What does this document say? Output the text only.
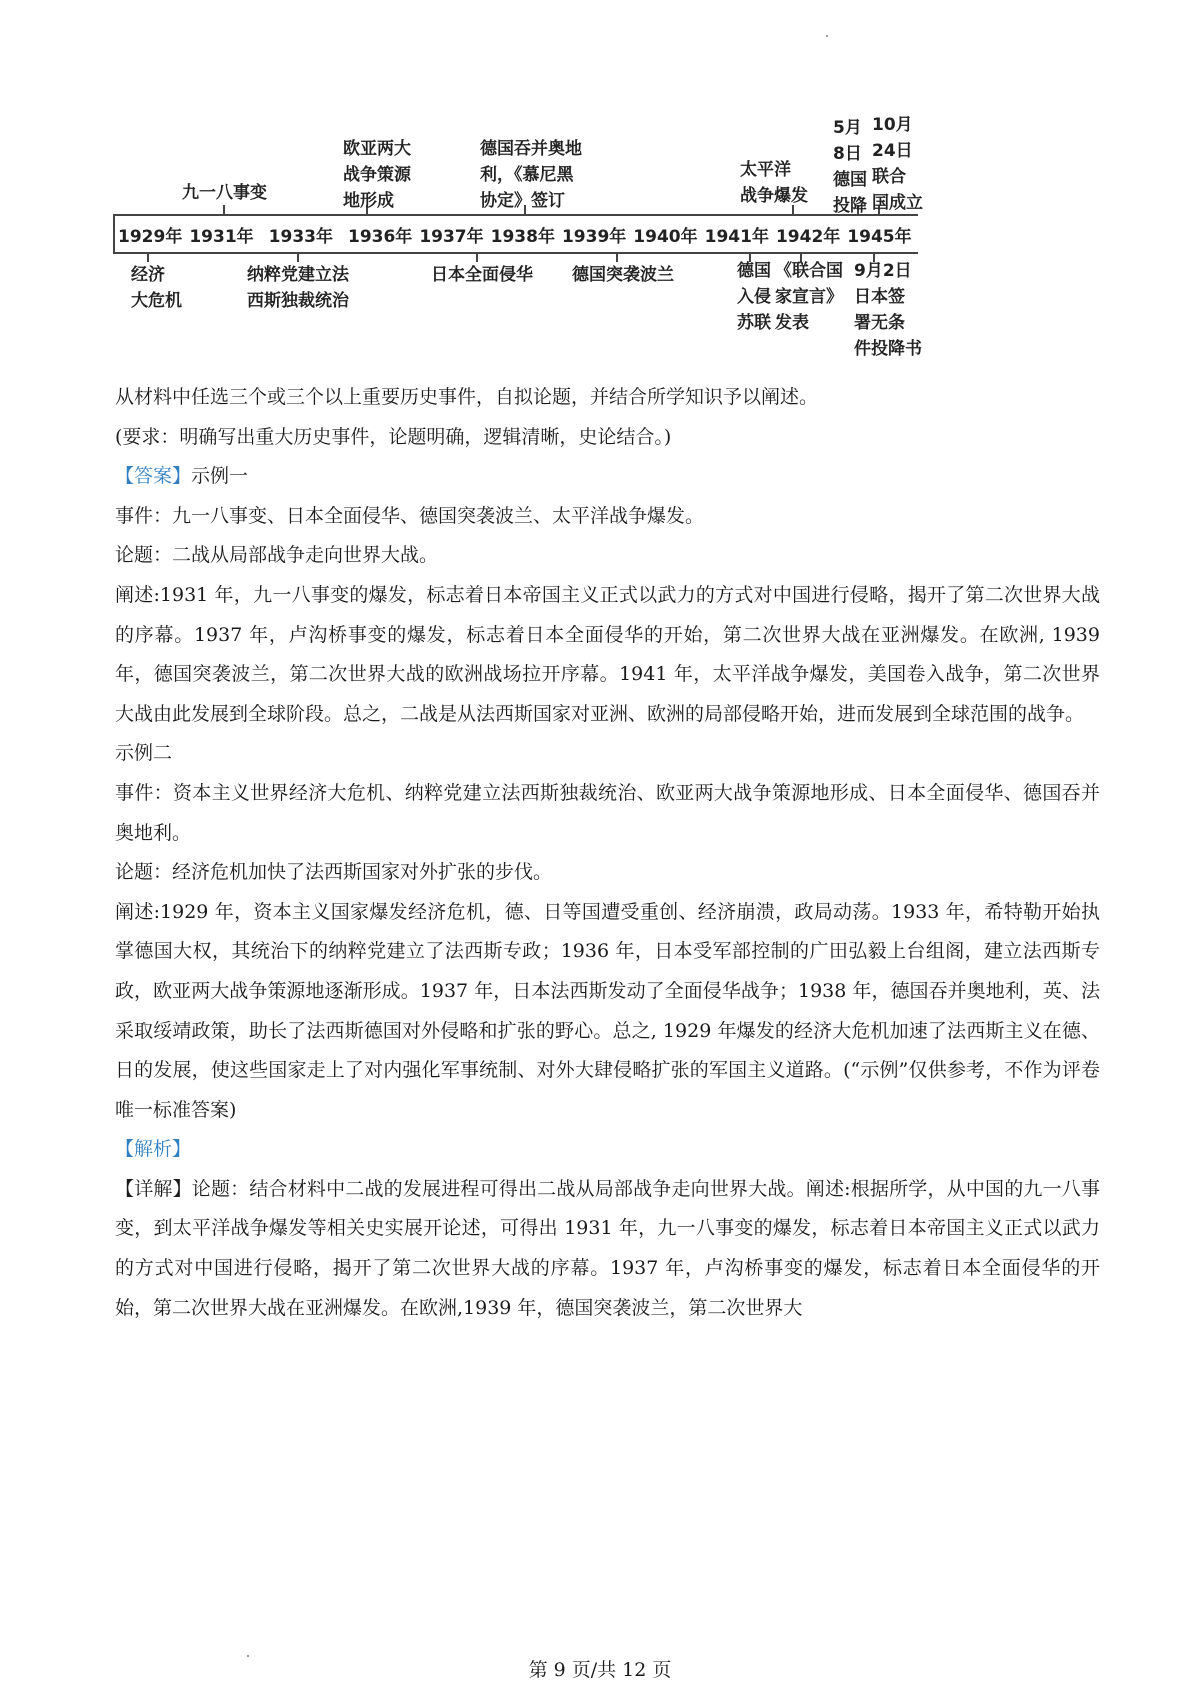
1929年 1931年 1933年 1936年 1937年 1938年 1939年 1940年 1941年 1942年 1945年
九一八事变
欧亚两大
战争策源
地形成
德国吞并奥地
利，《慕尼黑
协定》签订
太平洋
战争爆发
5月
8日
德国
投降
10月
24日
联合
国成立
经济
大危机
纳粹党建立法
西斯独裁统治
日本全面侵华 德国突袭波兰	德国
入侵
苏联
《联合国
家宣言》
发表
9月2日
日本签
署无条
件投降书

从材料中任选三个或三个以上重要历史事件，自拟论题，并结合所学知识予以阐述。

(要求：明确写出重大历史事件，论题明确，逻辑清晰，史论结合。)

【答案】示例一

事件：九一八事变、日本全面侵华、德国突袭波兰、太平洋战争爆发。

论题：二战从局部战争走向世界大战。

阐述:1931 年，九一八事变的爆发，标志着日本帝国主义正式以武力的方式对中国进行侵略，揭开了第二次世界大战的序幕。1937 年，卢沟桥事变的爆发，标志着日本全面侵华的开始，第二次世界大战在亚洲爆发。在欧洲, 1939 年，德国突袭波兰，第二次世界大战的欧洲战场拉开序幕。1941 年，太平洋战争爆发，美国卷入战争，第二次世界大战由此发展到全球阶段。总之，二战是从法西斯国家对亚洲、欧洲的局部侵略开始，进而发展到全球范围的战争。

示例二

事件：资本主义世界经济大危机、纳粹党建立法西斯独裁统治、欧亚两大战争策源地形成、日本全面侵华、德国吞并奥地利。

论题：经济危机加快了法西斯国家对外扩张的步伐。

阐述:1929 年，资本主义国家爆发经济危机，德、日等国遭受重创、经济崩溃，政局动荡。1933 年，希特勒开始执掌德国大权，其统治下的纳粹党建立了法西斯专政；1936 年，日本受军部控制的广田弘毅上台组阁，建立法西斯专政，欧亚两大战争策源地逐渐形成。1937 年，日本法西斯发动了全面侵华战争；1938 年，德国吞并奥地利，英、法采取绥靖政策，助长了法西斯德国对外侵略和扩张的野心。总之, 1929 年爆发的经济大危机加速了法西斯主义在德、日的发展，使这些国家走上了对内强化军事统制、对外大肆侵略扩张的军国主义道路。(“示例”仅供参考，不作为评卷唯一标准答案)

【解析】

【详解】论题：结合材料中二战的发展进程可得出二战从局部战争走向世界大战。阐述:根据所学，从中国的九一八事变，到太平洋战争爆发等相关史实展开论述，可得出 1931 年，九一八事变的爆发，标志着日本帝国主义正式以武力的方式对中国进行侵略，揭开了第二次世界大战的序幕。1937 年，卢沟桥事变的爆发，标志着日本全面侵华的开始，第二次世界大战在亚洲爆发。在欧洲,1939 年，德国突袭波兰，第二次世界大

第 9 页/共 12 页
